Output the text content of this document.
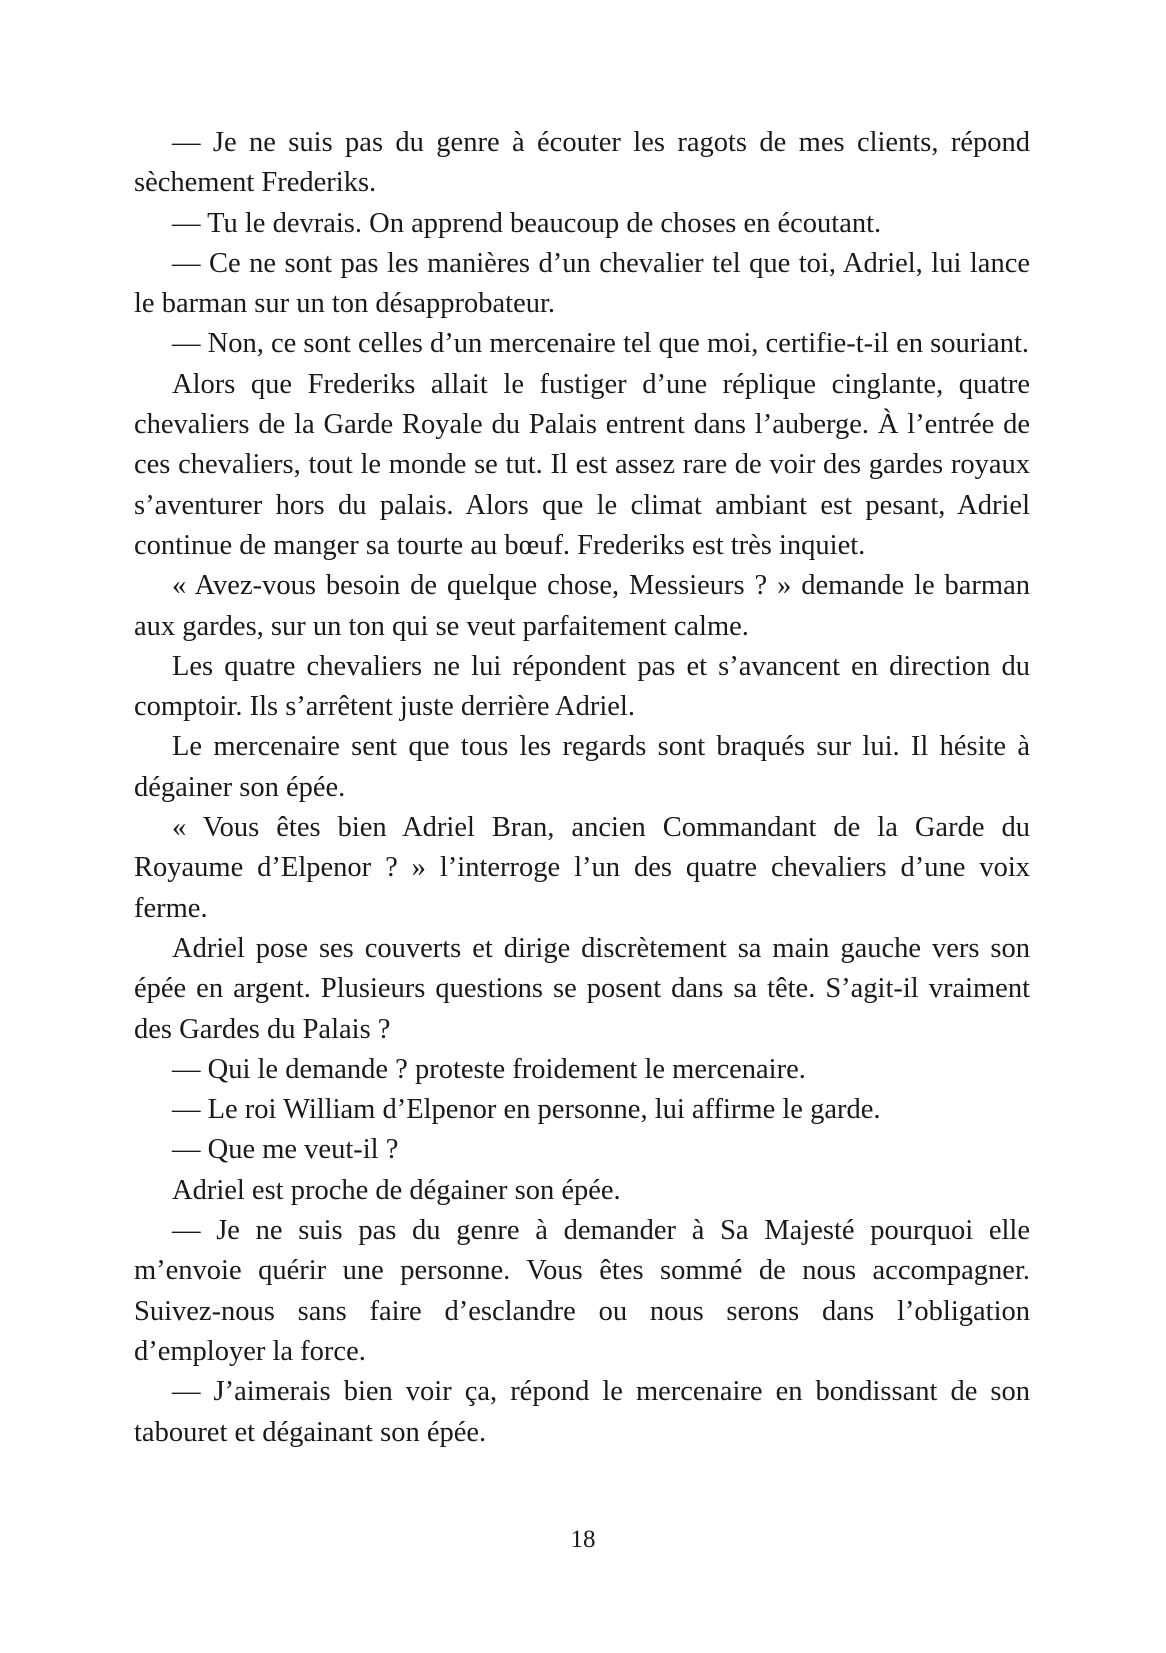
— Je ne suis pas du genre à écouter les ragots de mes clients, répond sèchement Frederiks.

— Tu le devrais. On apprend beaucoup de choses en écoutant.

— Ce ne sont pas les manières d’un chevalier tel que toi, Adriel, lui lance le barman sur un ton désapprobateur.

— Non, ce sont celles d’un mercenaire tel que moi, certifie-t-il en souriant.

Alors que Frederiks allait le fustiger d’une réplique cinglante, quatre chevaliers de la Garde Royale du Palais entrent dans l’auberge. À l’entrée de ces chevaliers, tout le monde se tut. Il est assez rare de voir des gardes royaux s’aventurer hors du palais. Alors que le climat ambiant est pesant, Adriel continue de manger sa tourte au bœuf. Frederiks est très inquiet.

« Avez-vous besoin de quelque chose, Messieurs ? » demande le barman aux gardes, sur un ton qui se veut parfaitement calme.

Les quatre chevaliers ne lui répondent pas et s’avancent en direction du comptoir. Ils s’arrêtent juste derrière Adriel.

Le mercenaire sent que tous les regards sont braqués sur lui. Il hésite à dégainer son épée.

« Vous êtes bien Adriel Bran, ancien Commandant de la Garde du Royaume d’Elpenor ? » l’interroge l’un des quatre chevaliers d’une voix ferme.

Adriel pose ses couverts et dirige discrètement sa main gauche vers son épée en argent. Plusieurs questions se posent dans sa tête. S’agit-il vraiment des Gardes du Palais ?

— Qui le demande ? proteste froidement le mercenaire.

— Le roi William d’Elpenor en personne, lui affirme le garde.

— Que me veut-il ?

Adriel est proche de dégainer son épée.

— Je ne suis pas du genre à demander à Sa Majesté pourquoi elle m’envoie quérir une personne. Vous êtes sommé de nous accompagner. Suivez-nous sans faire d’esclandre ou nous serons dans l’obligation d’employer la force.

— J’aimerais bien voir ça, répond le mercenaire en bondissant de son tabouret et dégainant son épée.

18
